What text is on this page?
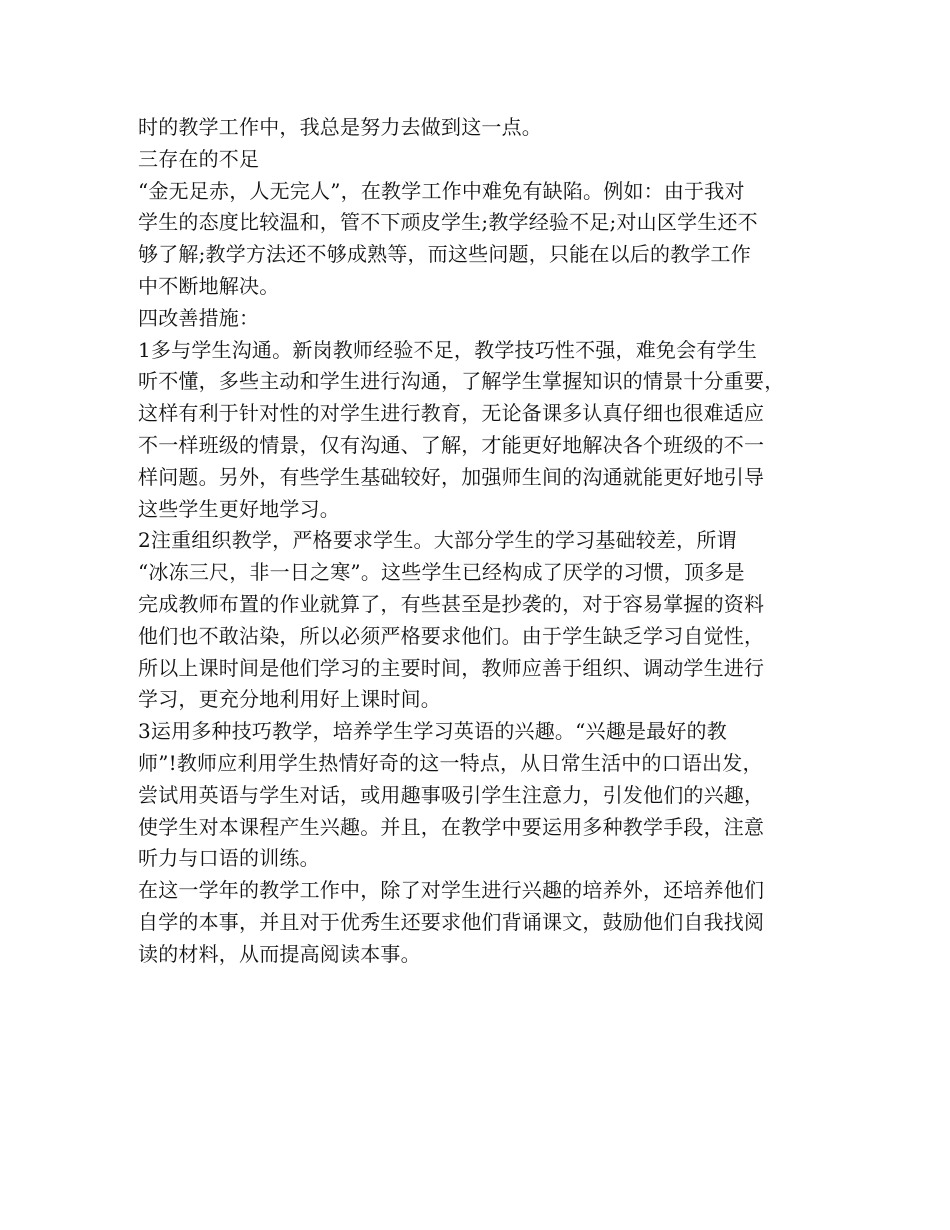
时的教学工作中，我总是努力去做到这一点。
三存在的不足
“金无足赤，人无完人”，在教学工作中难免有缺陷。例如：由于我对
学生的态度比较温和，管不下顽皮学生;教学经验不足;对山区学生还不
够了解;教学方法还不够成熟等，而这些问题，只能在以后的教学工作
中不断地解决。
四改善措施：
1多与学生沟通。新岗教师经验不足，教学技巧性不强，难免会有学生
听不懂，多些主动和学生进行沟通，了解学生掌握知识的情景十分重要，
这样有利于针对性的对学生进行教育，无论备课多认真仔细也很难适应
不一样班级的情景，仅有沟通、了解，才能更好地解决各个班级的不一
样问题。另外，有些学生基础较好，加强师生间的沟通就能更好地引导
这些学生更好地学习。
2注重组织教学，严格要求学生。大部分学生的学习基础较差，所谓
“冰冻三尺，非一日之寒”。这些学生已经构成了厌学的习惯，顶多是
完成教师布置的作业就算了，有些甚至是抄袭的，对于容易掌握的资料
他们也不敢沾染，所以必须严格要求他们。由于学生缺乏学习自觉性，
所以上课时间是他们学习的主要时间，教师应善于组织、调动学生进行
学习，更充分地利用好上课时间。
3运用多种技巧教学，培养学生学习英语的兴趣。“兴趣是最好的教
师”!教师应利用学生热情好奇的这一特点，从日常生活中的口语出发，
尝试用英语与学生对话，或用趣事吸引学生注意力，引发他们的兴趣，
使学生对本课程产生兴趣。并且，在教学中要运用多种教学手段，注意
听力与口语的训练。
在这一学年的教学工作中，除了对学生进行兴趣的培养外，还培养他们
自学的本事，并且对于优秀生还要求他们背诵课文，鼓励他们自我找阅
读的材料，从而提高阅读本事。
